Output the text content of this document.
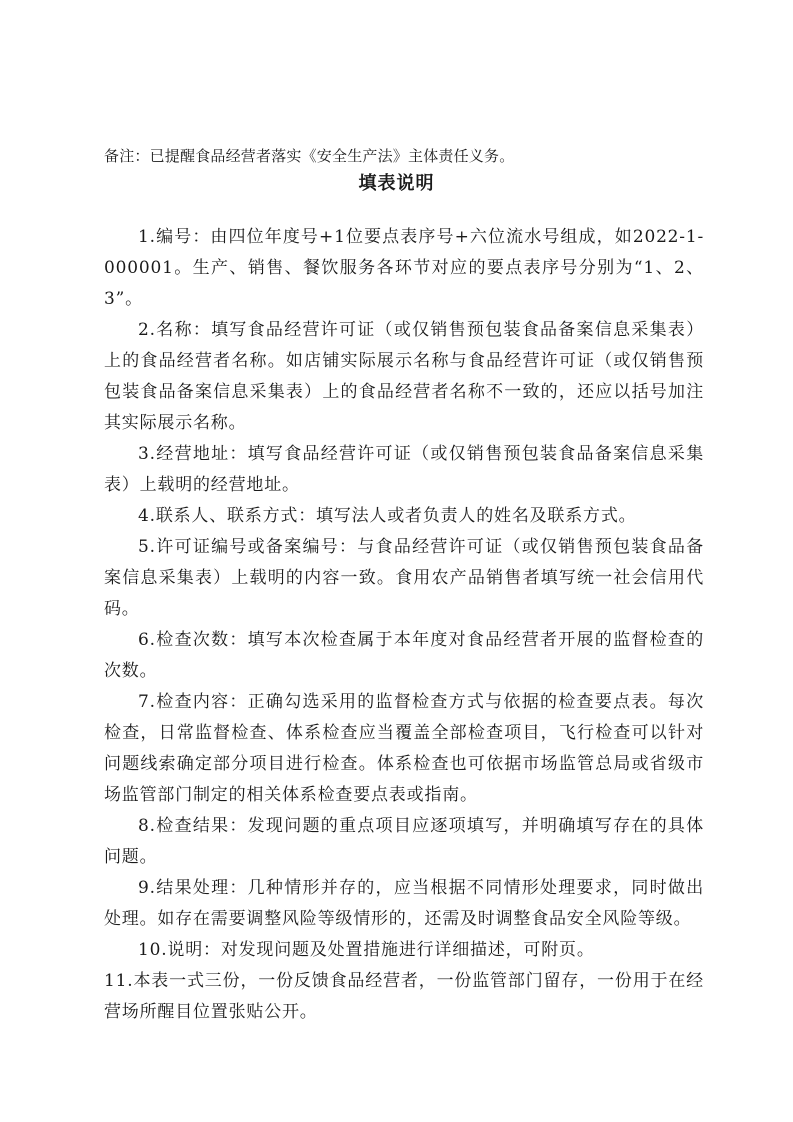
备注：已提醒食品经营者落实《安全生产法》主体责任义务。
填表说明

1.编号：由四位年度号+1位要点表序号+六位流水号组成，如2022-1-000001。生产、销售、餐饮服务各环节对应的要点表序号分别为“1、2、3”。

2.名称：填写食品经营许可证（或仅销售预包装食品备案信息采集表）上的食品经营者名称。如店铺实际展示名称与食品经营许可证（或仅销售预包装食品备案信息采集表）上的食品经营者名称不一致的，还应以括号加注其实际展示名称。

3.经营地址：填写食品经营许可证（或仅销售预包装食品备案信息采集表）上载明的经营地址。

4.联系人、联系方式：填写法人或者负责人的姓名及联系方式。

5.许可证编号或备案编号：与食品经营许可证（或仅销售预包装食品备案信息采集表）上载明的内容一致。食用农产品销售者填写统一社会信用代码。

6.检查次数：填写本次检查属于本年度对食品经营者开展的监督检查的次数。

7.检查内容：正确勾选采用的监督检查方式与依据的检查要点表。每次检查，日常监督检查、体系检查应当覆盖全部检查项目，飞行检查可以针对问题线索确定部分项目进行检查。体系检查也可依据市场监管总局或省级市场监管部门制定的相关体系检查要点表或指南。

8.检查结果：发现问题的重点项目应逐项填写，并明确填写存在的具体问题。

9.结果处理：几种情形并存的，应当根据不同情形处理要求，同时做出处理。如存在需要调整风险等级情形的，还需及时调整食品安全风险等级。

10.说明：对发现问题及处置措施进行详细描述，可附页。

11.本表一式三份，一份反馈食品经营者，一份监管部门留存，一份用于在经营场所醒目位置张贴公开。
